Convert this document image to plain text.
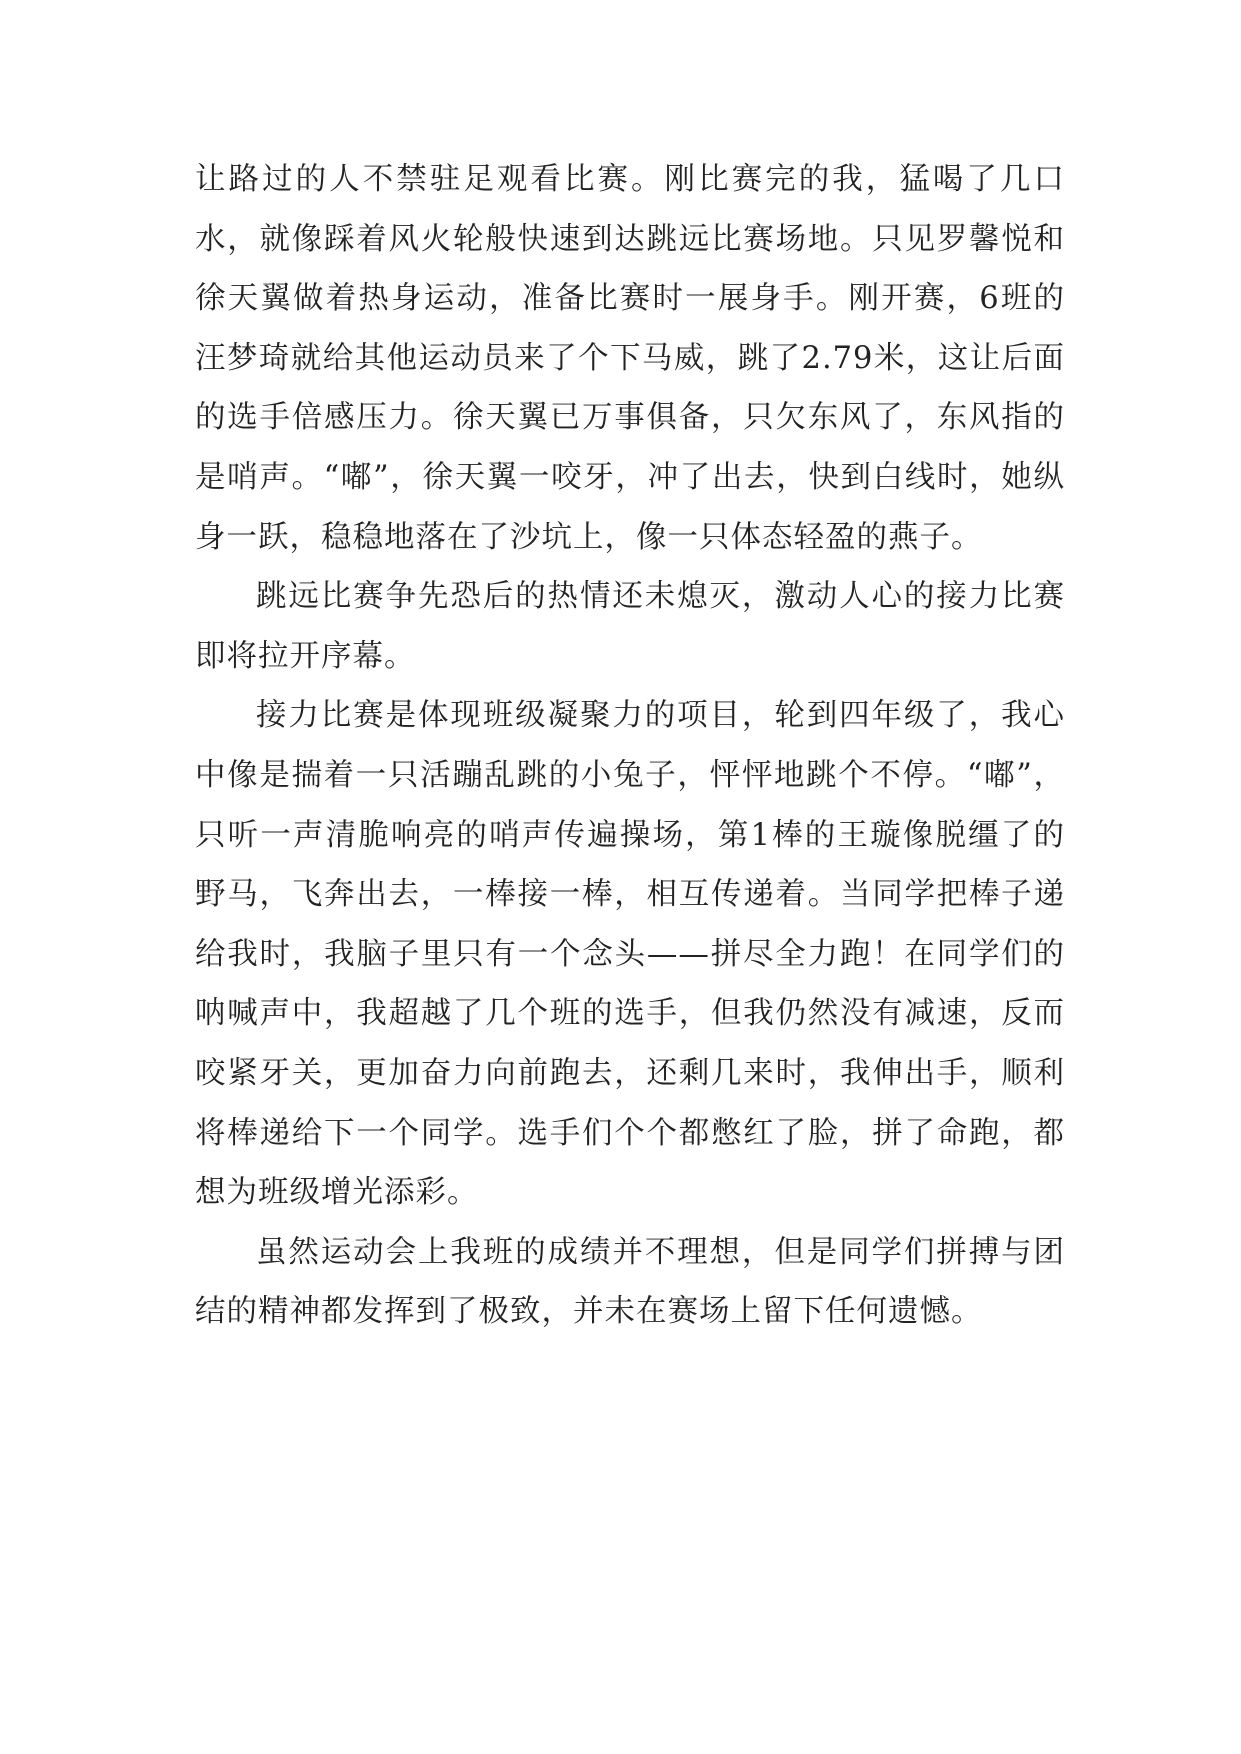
让路过的人不禁驻足观看比赛。刚比赛完的我，猛喝了几口水，就像踩着风火轮般快速到达跳远比赛场地。只见罗馨悦和徐天翼做着热身运动，准备比赛时一展身手。刚开赛，6班的汪梦琦就给其他运动员来了个下马威，跳了2.79米，这让后面的选手倍感压力。徐天翼已万事俱备，只欠东风了，东风指的是哨声。“嘟”，徐天翼一咬牙，冲了出去，快到白线时，她纵身一跃，稳稳地落在了沙坑上，像一只体态轻盈的燕子。

跳远比赛争先恐后的热情还未熄灭，激动人心的接力比赛即将拉开序幕。

接力比赛是体现班级凝聚力的项目，轮到四年级了，我心中像是揣着一只活蹦乱跳的小兔子，怦怦地跳个不停。“嘟”，只听一声清脆响亮的哨声传遍操场，第1棒的王璇像脱缰了的野马，飞奔出去，一棒接一棒，相互传递着。当同学把棒子递给我时，我脑子里只有一个念头——拼尽全力跑！在同学们的呐喊声中，我超越了几个班的选手，但我仍然没有减速，反而咬紧牙关，更加奋力向前跑去，还剩几来时，我伸出手，顺利将棒递给下一个同学。选手们个个都憋红了脸，拼了命跑，都想为班级增光添彩。

虽然运动会上我班的成绩并不理想，但是同学们拼搏与团结的精神都发挥到了极致，并未在赛场上留下任何遗憾。
